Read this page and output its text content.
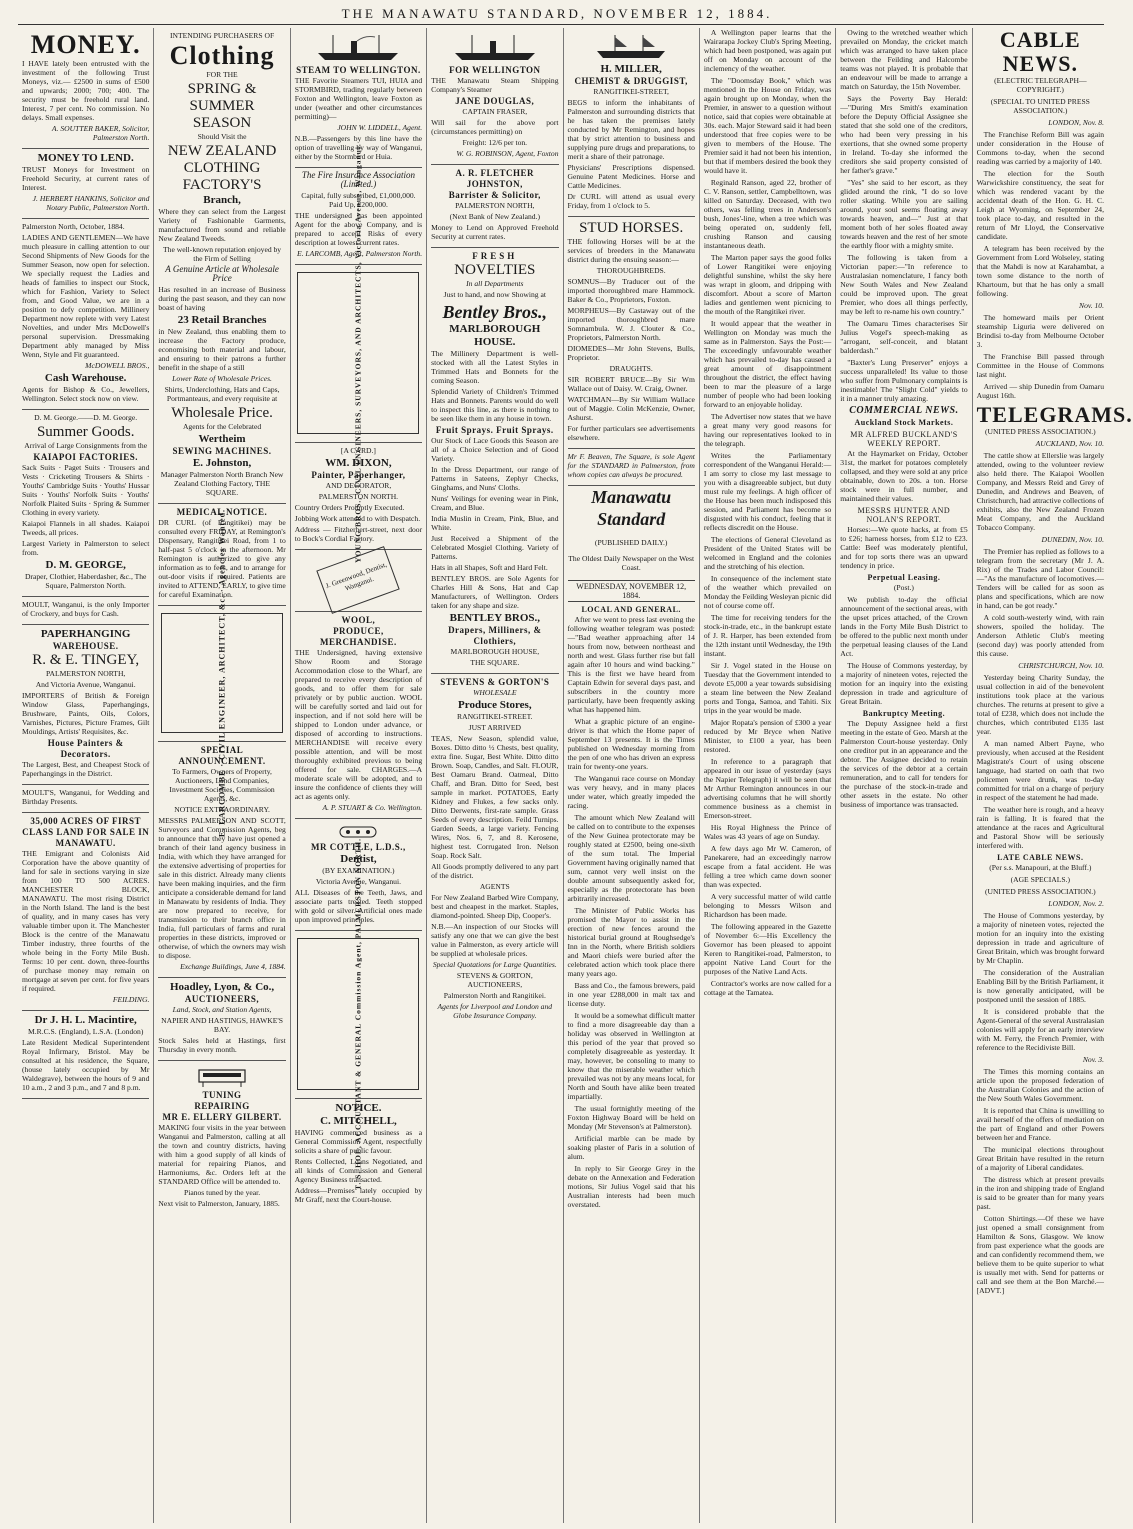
THE MANAWATU STANDARD, NOVEMBER 12, 1884.
MONEY.

I HAVE lately been entrusted with the investment of the following Trust Moneys, viz.— £2500 in sums of £500 and upwards; 2000; 700; 400. The security must be freehold rural land. Interest, 7 per cent. No commission. No delays. Small expenses.

A. SOUTTER BAKER, Solicitor, Palmerston North.

MONEY TO LEND.

TRUST Moneys for Investment on Freehold Security, at current rates of Interest.

J. HERBERT HANKINS, Solicitor and Notary Public, Palmerston North.

Palmerston North, October, 1884.

LADIES AND GENTLEMEN—We have much pleasure in calling attention to our Second Shipments of New Goods for the Summer Season, now open for selection. We specially request the Ladies and heads of families to inspect our Stock, which for Fashion, Variety to Select from, and Good Value, we are in a position to defy competition. Millinery Department now replete with very Latest Novelties, and under Mrs McDowell's personal supervision. Dressmaking Department ably managed by Miss Wenn, Style and Fit guaranteed.

McDOWELL BROS.,

Cash Warehouse.

Agents for Bishop & Co., Jewellers, Wellington. Select stock now on view.

D. M. George.——D. M. George.

Summer Goods.

Arrival of Large Consignments from the

KAIAPOI FACTORIES.

Sack Suits · Paget Suits · Trousers and Vests · Cricketing Trousers & Shirts · Youths' Cambridge Suits · Youths' Hussar Suits · Youths' Norfolk Suits · Youths' Norfolk Plaited Suits · Spring & Summer Clothing in every variety.

Kaiapoi Flannels in all shades. Kaiapoi Tweeds, all prices.

Largest Variety in Palmerston to select from.

D. M. GEORGE,

Draper, Clothier, Haberdasher, &c., The Square, Palmerston North.

MOULT, Wanganui, is the only Importer of Crockery, and buys for Cash.

PAPERHANGING
WAREHOUSE.
R. & E. TINGEY,

PALMERSTON NORTH,

And Victoria Avenue, Wanganui.

IMPORTERS of British & Foreign Window Glass, Paperhangings, Brushware, Paints, Oils, Colors, Varnishes, Pictures, Picture Frames, Gilt Mouldings, Artists' Requisites, &c.

House Painters & Decorators.

The Largest, Best, and Cheapest Stock of Paperhangings in the District.

MOULT'S, Wanganui, for Wedding and Birthday Presents.

35,000 ACRES OF FIRST CLASS LAND FOR SALE IN MANAWATU.

THE Emigrant and Colonists Aid Corporation have the above quantity of land for sale in sections varying in size from 100 TO 500 ACRES. MANCHESTER BLOCK, MANAWATU. The most rising District in the North Island. The land is the best of quality, and in many cases has very valuable timber upon it. The Manchester Block is the centre of the Manawatu Timber industry, three fourths of the whole being in the Forty Mile Bush. Terms: 10 per cent. down, three-fourths of purchase money may remain on mortgage at seven per cent. for five years if required.

FEILDING.

Dr J. H. L. Macintire,

M.R.C.S. (England), L.S.A. (London)

Late Resident Medical Superintendent Royal Infirmary, Bristol. May be consulted at his residence, the Square, (house lately occupied by Mr Waldegrave), between the hours of 9 and 10 a.m., 2 and 3 p.m., and 7 and 8 p.m.

INTENDING PURCHASERS OF

Clothing

FOR THE

SPRING & SUMMER
SEASON

Should Visit the

NEW ZEALAND
CLOTHING FACTORY'S
Branch,

Where they can select from the Largest Variety of Fashionable Garments, manufactured from sound and reliable New Zealand Tweeds.

The well-known reputation enjoyed by the Firm of Selling

A Genuine Article at Wholesale Price

Has resulted in an increase of Business during the past season, and they can now boast of having

23 Retail Branches

in New Zealand, thus enabling them to increase the Factory produce, economising both material and labour, and ensuring to their patrons a further benefit in the shape of a still

Lower Rate of Wholesale Prices.

Shirts, Underclothing, Hats and Caps, Portmanteaus, and every requisite at

Wholesale Price.

Agents for the Celebrated

Wertheim
SEWING MACHINES.
E. Johnston,

Manager Palmerston North Branch New Zealand Clothing Factory, THE SQUARE.

MEDICAL NOTICE.

DR CURL (of Rangitikei) may be consulted every FRIDAY, at Remington's Dispensary, Rangitikei Road, from 1 to half-past 5 o'clock in the afternoon. Mr Remington is authorized to give any information as to fees, and to arrange for out-door visits if required. Patients are invited to ATTEND, EARLY, to give time for careful Examination.

E. LARCOMBE · CIVIL ENGINEER, ARCHITECT, &c. · Agencies Wanted.
SPECIAL ANNOUNCEMENT.

To Farmers, Owners of Property, Auctioneers, Land Companies, Investment Societies, Commission Agents, &c.

NOTICE EXTRAORDINARY.

MESSRS PALMERSON AND SCOTT, Surveyors and Commission Agents, beg to announce that they have just opened a branch of their land agency business in India, with which they have arranged for the extensive advertising of properties for sale in this district. Already many clients have been making inquiries, and the firm anticipate a considerable demand for land in Manawatu by residents of India. They are now prepared to receive, for transmission to their branch office in India, full particulars of farms and rural properties in these districts, improved or otherwise, of which the owners may wish to dispose.

Exchange Buildings, June 4, 1884.

Hoadley, Lyon, & Co.,
AUCTIONEERS,

Land, Stock, and Station Agents,

NAPIER AND HASTINGS, HAWKE'S BAY.

Stock Sales held at Hastings, first Thursday in every month.

TUNING
REPAIRING
MR E. ELLERY GILBERT.

MAKING four visits in the year between Wanganui and Palmerston, calling at all the town and country districts, having with him a good supply of all kinds of material for repairing Pianos, and Harmoniums, &c. Orders left at the STANDARD Office will be attended to.

Pianos tuned by the year.

Next visit to Palmerston, January, 1885.

STEAM TO WELLINGTON.

THE Favorite Steamers TUI, HUIA and STORMBIRD, trading regularly between Foxton and Wellington, leave Foxton as under (weather and other circumstances permitting)—

JOHN W. LIDDELL, Agent.

N.B.—Passengers by this line have the option of travelling by way of Wanganui, either by the Stormbird or Huia.

The Fire Insurance Association (Limited.)

Capital, fully subscribed, £1,000,000. Paid Up, £200,000.

THE undersigned has been appointed Agent for the above Company, and is prepared to accept Risks of every description at lowest current rates.

E. LARCOMB, Agent, Palmerston North.

YOUNG BROS., CIVIL ENGINEERS, SURVEYORS, AND ARCHITECTS, Victoria Avenue, Wanganui.

[A CARD.]

WM. DIXON,
Painter, Paperhanger,

AND DECORATOR,

PALMERSTON NORTH.

Country Orders Promptly Executed.

Jobbing Work attended to with Despatch.

Address — Fitzherbert-street, next door to Bock's Cordial Factory.

J. Greenwood, Dentist, Wanganui.
WOOL,
PRODUCE,
MERCHANDISE.

THE Undersigned, having extensive Show Room and Storage Accommodation close to the Wharf, are prepared to receive every description of goods, and to offer them for sale privately or by public auction. WOOL will be carefully sorted and laid out for inspection, and if not sold here will be shipped to London under advance, or disposed of according to instructions. MERCHANDISE will receive every possible attention, and will be most thoroughly exhibited previous to being offered for sale. CHARGES.—A moderate scale will be adopted, and to insure the confidence of clients they will act as agents only.

A. P. STUART & Co. Wellington.

MR COTTLE, L.D.S.,
Dentist,

(BY EXAMINATION.)

Victoria Avenue, Wanganui.

ALL Diseases of the Teeth, Jaws, and associate parts treated. Teeth stopped with gold or silver. Artificial ones made upon improved principles.

T. S. HOE, ACCOUNTANT & GENERAL Commission Agent, PALMERSTON NORTH.
NOTICE.
C. MITCHELL,

HAVING commenced business as a General Commission Agent, respectfully solicits a share of public favour.

Rents Collected, Loans Negotiated, and all kinds of Commission and General Agency Business transacted.

Address—Premises lately occupied by Mr Graff, next the Court-house.

FOR WELLINGTON

THE Manawatu Steam Shipping Company's Steamer

JANE DOUGLAS,

CAPTAIN FRASER,

Will sail for the above port (circumstances permitting) on

Freight: 12/6 per ton.

W. G. ROBINSON, Agent, Foxton

A. R. FLETCHER JOHNSTON,
Barrister & Solicitor,

PALMERSTON NORTH,

(Next Bank of New Zealand.)

Money to Lend on Approved Freehold Security at current rates.

FRESH
NOVELTIES

In all Departments

Just to hand, and now Showing at

Bentley Bros.,
MARLBOROUGH HOUSE.

The Millinery Department is well-stocked with all the Latest Styles in Trimmed Hats and Bonnets for the coming Season.

Splendid Variety of Children's Trimmed Hats and Bonnets. Parents would do well to inspect this line, as there is nothing to be seen like them in any house in town.

Fruit Sprays. Fruit Sprays.

Our Stock of Lace Goods this Season are all of a Choice Selection and of Good Variety.

In the Dress Department, our range of Patterns in Sateens, Zephyr Checks, Ginghams, and Nuns' Cloths.

Nuns' Veilings for evening wear in Pink, Cream, and Blue.

India Muslin in Cream, Pink, Blue, and White.

Just Received a Shipment of the Celebrated Mosgiel Clothing. Variety of Patterns.

Hats in all Shapes, Soft and Hard Felt.

BENTLEY BROS. are Sole Agents for Charles Hill & Sons, Hat and Cap Manufacturers, of Wellington. Orders taken for any shape and size.

BENTLEY BROS.,
Drapers, Milliners, & Clothiers,

MARLBOROUGH HOUSE,

THE SQUARE.

STEVENS & GORTON'S

WHOLESALE

Produce Stores,

RANGITIKEI-STREET.

JUST ARRIVED

TEAS, New Season, splendid value, Boxes. Ditto ditto ½ Chests, best quality, extra fine. Sugar, Best White. Ditto ditto Brown. Soap, Candles, and Salt. FLOUR, Best Oamaru Brand. Oatmeal, Ditto Chaff, and Bran. Ditto for Seed, best sample in market. POTATOES, Early Kidney and Flukes, a few sacks only. Ditto Derwents, first-rate sample. Grass Seeds of every description. Feild Turnips. Garden Seeds, a large variety. Fencing Wires, Nos. 6, 7, and 8. Kerosene, highest test. Corrugated Iron. Nelson Soap. Rock Salt.

All Goods promptly delivered to any part of the district.

AGENTS

For New Zealand Barbed Wire Company, best and cheapest in the market. Staples, diamond-pointed. Sheep Dip, Cooper's.

N.B.—An inspection of our Stocks will satisfy any one that we can give the best value in Palmerston, as every article will be supplied at wholesale prices.

Special Quotations for Large Quantities.

STEVENS & GORTON, AUCTIONEERS,

Palmerston North and Rangitikei.

Agents for Liverpool and London and Globe Insurance Company.

H. MILLER,
CHEMIST & DRUGGIST,

RANGITIKEI-STREET,

BEGS to inform the inhabitants of Palmerston and surrounding districts that he has taken the premises lately conducted by Mr Remington, and hopes that by strict attention to business and supplying pure drugs and preparations, to merit a share of their patronage.

Physicians' Prescriptions dispensed. Genuine Patent Medicines. Horse and Cattle Medicines.

Dr CURL will attend as usual every Friday, from 1 o'clock to 5.

STUD HORSES.

THE following Horses will be at the services of breeders in the Manawatu district during the ensuing season:—

THOROUGHBREDS.

SOMNUS—By Traducer out of the imported thoroughbred mare Hammock. Baker & Co., Proprietors, Foxton.

MORPHEUS—By Castaway out of the imported thoroughbred mare Somnambula. W. J. Clouter & Co., Proprietors, Palmerston North.

DIOMEDES—Mr John Stevens, Bulls, Proprietor.

DRAUGHTS.

SIR ROBERT BRUCE—By Sir Wm Wallace out of Daisy. W. Craig, Owner.

WATCHMAN—By Sir William Wallace out of Maggie. Colin McKenzie, Owner, Ashurst.

For further particulars see advertisements elsewhere.

Mr F. Beaven, The Square, is sole Agent for the STANDARD in Palmerston, from whom copies can always be procured.

Manawatu Standard

(PUBLISHED DAILY.)

The Oldest Daily Newspaper on the West Coast.

WEDNESDAY, NOVEMBER 12, 1884.
LOCAL AND GENERAL.

After we went to press last evening the following weather telegram was posted:—"Bad weather approaching after 14 hours from now, between northeast and north and west. Glass further rise but fall again after 10 hours and wind backing." This is the first we have heard from Captain Edwin for several days past, and subscribers in the country more particularly, have been frequently asking what has happened him.

What a graphic picture of an engine-driver is that which the Home paper of September 13 presents. It is the Times published on Wednesday morning from the pen of one who has driven an express train for twenty-one years.

The Wanganui race course on Monday was very heavy, and in many places under water, which greatly impeded the racing.

The amount which New Zealand will be called on to contribute to the expenses of the New Guinea protectorate may be roughly stated at £2500, being one-sixth of the sum total. The Imperial Government having originally named that sum, cannot very well insist on the double amount subsequently asked for, especially as the protectorate has been arbitrarily increased.

The Minister of Public Works has promised the Mayor to assist in the erection of new fences around the historical burial ground at Roughsedge's Inn in the North, where British soldiers and Maori chiefs were buried after the celebrated action which took place there many years ago.

Bass and Co., the famous brewers, paid in one year £288,000 in malt tax and license duty.

It would be a somewhat difficult matter to find a more disagreeable day than a holiday was observed in Wellington at this period of the year that proved so completely disagreeable as yesterday. It may, however, be consoling to many to know that the miserable weather which prevailed was not by any means local, for North and South have alike been treated impartially.

The usual fortnightly meeting of the Foxton Highway Board will be held on Monday (Mr Stevenson's at Palmerston).

Artificial marble can be made by soaking plaster of Paris in a solution of alum.

In reply to Sir George Grey in the debate on the Annexation and Federation motions, Sir Julius Vogel said that his Australian interests had been much overstated.

A Wellington paper learns that the Wairarapa Jockey Club's Spring Meeting, which had been postponed, was again put off on Monday on account of the inclemency of the weather.

The "Doomsday Book," which was mentioned in the House on Friday, was again brought up on Monday, when the Premier, in answer to a question without notice, said that copies were obtainable at 30s. each. Major Steward said it had been understood that free copies were to be given to members of the House. The Premier said it had not been his intention, but that if members desired the book they would have it.

Reginald Ranson, aged 22, brother of C. V. Ranson, settler, Campbelltown, was killed on Saturday. Deceased, with two others, was felling trees in Anderson's bush, Jones'-line, when a tree which was being operated on, suddenly fell, crushing Ranson and causing instantaneous death.

The Marton paper says the good folks of Lower Rangitikei were enjoying delightful sunshine, whilst the sky here was wrapt in gloom, and dripping with discomfort. About a score of Marton ladies and gentlemen went picnicing to the mouth of the Rangitikei river.

It would appear that the weather in Wellington on Monday was much the same as in Palmerston. Says the Post:—The exceedingly unfavourable weather which has prevailed to-day has caused a great amount of disappointment throughout the district, the effect having been to mar the pleasure of a large number of people who had been looking forward to an enjoyable holiday.

The Advertiser now states that we have a great many very good reasons for having our representatives looked to in the telegraph.

Writes the Parliamentary correspondent of the Wanganui Herald:—I am sorry to close my last message to you with a disagreeable subject, but duty must rule my feelings. A high officer of the House has been much indisposed this session, and Parliament has become so disgusted with his conduct, feeling that it reflects discredit on the House.

The elections of General Cleveland as President of the United States will be welcomed in England and the colonies and the stretching of his election.

In consequence of the inclement state of the weather which prevailed on Monday the Feilding Wesleyan picnic did not of course come off.

The time for receiving tenders for the stock-in-trade, etc., in the bankrupt estate of J. R. Harper, has been extended from the 12th instant until Wednesday, the 19th instant.

Sir J. Vogel stated in the House on Tuesday that the Government intended to devote £5,000 a year towards subsidising a steam line between the New Zealand ports and Tonga, Samoa, and Tahiti. Six trips in the year would be made.

Major Ropata's pension of £300 a year reduced by Mr Bryce when Native Minister, to £100 a year, has been restored.

In reference to a paragraph that appeared in our issue of yesterday (says the Napier Telegraph) it will be seen that Mr Arthur Remington announces in our advertising columns that he will shortly commence business as a chemist in Emerson-street.

His Royal Highness the Prince of Wales was 43 years of age on Sunday.

A few days ago Mr W. Cameron, of Panekarere, had an exceedingly narrow escape from a fatal accident. He was felling a tree which came down sooner than was expected.

A very successful matter of wild cattle belonging to Messrs Wilson and Richardson has been made.

The following appeared in the Gazette of November 6:—His Excellency the Governor has been pleased to appoint Keren to Rangitikei-road, Palmerston, to appoint Native Land Court for the purposes of the Native Land Acts.

Contractor's works are now called for a cottage at the Tamatea.

Owing to the wretched weather which prevailed on Monday, the cricket match which was arranged to have taken place between the Feilding and Halcombe teams was not played. It is probable that an endeavour will be made to arrange a match on Saturday, the 15th November.

Says the Poverty Bay Herald:—"During Mrs Smith's examination before the Deputy Official Assignee she stated that she sold one of the creditors, who had been very pressing in his exertions, that she owned some property in Ireland. To-day she informed the creditors she said property consisted of her father's grave."

"Yes" she said to her escort, as they glided around the rink, "I do so love roller skating. While you are sailing around, your soul seems floating away towards heaven, and—" Just at that moment both of her soles floated away towards heaven and the rest of her smote the earthly floor with a mighty smite.

The following is taken from a Victorian paper:—"In reference to Australasian nomenclature, I fancy both New South Wales and New Zealand could be improved upon. The great Premier, who does all things perfectly, may be left to re-name his own country."

The Oamaru Times characterises Sir Julius Vogel's speech-making as "arrogant, self-conceit, and blatant balderdash."

"Baxter's Lung Preserver" enjoys a success unparalleled! Its value to those who suffer from Pulmonary complaints is inestimable! The "Slight Cold" yields to it in a manner truly amazing.

COMMERCIAL NEWS.
Auckland Stock Markets.
MR ALFRED BUCKLAND'S WEEKLY REPORT.

At the Haymarket on Friday, October 31st, the market for potatoes completely collapsed, and they were sold at any price obtainable, down to 20s. a ton. Horse stock were in full number, and maintained their values.

MESSRS HUNTER AND NOLAN'S REPORT.

Horses:—We quote hacks, at from £5 to £26; harness horses, from £12 to £23. Cattle: Beef was moderately plentiful, and for top sorts there was an upward tendency in price.

Perpetual Leasing.

(Post.)

We publish to-day the official announcement of the sectional areas, with the upset prices attached, of the Crown lands in the Forty Mile Bush District to be offered to the public next month under the perpetual leasing clauses of the Land Act.

The House of Commons yesterday, by a majority of nineteen votes, rejected the motion for an inquiry into the existing depression in trade and agriculture of Great Britain.

Bankruptcy Meeting.

The Deputy Assignee held a first meeting in the estate of Geo. Marsh at the Palmerston Court-house yesterday. Only one creditor put in an appearance and the debtor. The Assignee decided to retain the services of the debtor at a certain remuneration, and to call for tenders for the purchase of the stock-in-trade and other assets in the estate. No other business of importance was transacted.

CABLE NEWS.

(ELECTRIC TELEGRAPH—COPYRIGHT.)

(SPECIAL TO UNITED PRESS ASSOCIATION.)

LONDON, Nov. 8.

The Franchise Reform Bill was again under consideration in the House of Commons to-day, when the second reading was carried by a majority of 140.

The election for the South Warwickshire constituency, the seat for which was rendered vacant by the accidental death of the Hon. G. H. C. Leigh at Wyoming, on September 24, took place to-day, and resulted in the return of Mr Lloyd, the Conservative candidate.

A telegram has been received by the Government from Lord Wolseley, stating that the Mahdi is now at Karahambat, a town some distance to the north of Khartoum, but that he has only a small following.

Nov. 10.

The homeward mails per Orient steamship Liguria were delivered on Brindisi to-day from Melbourne October 3.

The Franchise Bill passed through Committee in the House of Commons last night.

Arrived — ship Dunedin from Oamaru August 16th.

TELEGRAMS.

(UNITED PRESS ASSOCIATION.)

AUCKLAND, Nov. 10.

The cattle show at Ellerslie was largely attended, owing to the volunteer review also held there. The Kaiapoi Woollen Company, and Messrs Reid and Grey of Dunedin, and Andrews and Beaven, of Christchurch, had attractive collections of exhibits, also the New Zealand Frozen Meat Company, and the Auckland Tobacco Company.

DUNEDIN, Nov. 10.

The Premier has replied as follows to a telegram from the secretary (Mr J. A. Rix) of the Trades and Labor Council:—"As the manufacture of locomotives.—Tenders will be called for as soon as plans and specifications, which are now in hand, can be got ready."

A cold south-westerly wind, with rain showers, spoiled the holiday. The Anderson Athletic Club's meeting (second day) was poorly attended from this cause.

CHRISTCHURCH, Nov. 10.

Yesterday being Charity Sunday, the usual collection in aid of the benevolent institutions took place at the various churches. The returns at present to give a total of £238, which does not include the churches, which contributed £135 last year.

A man named Albert Payne, who previously, when accused at the Resident Magistrate's Court of using obscene language, had started on oath that two policemen were drunk, was to-day committed for trial on a charge of perjury in respect of the statement he had made.

The weather here is rough, and a heavy rain is falling. It is feared that the attendance at the races and Agricultural and Pastoral Show will be seriously interfered with.

LATE CABLE NEWS.

(Per s.s. Manapouri, at the Bluff.)

(AGE SPECIALS.)

(UNITED PRESS ASSOCIATION.)

LONDON, Nov. 2.

The House of Commons yesterday, by a majority of nineteen votes, rejected the motion for an inquiry into the existing depression in trade and agriculture of Great Britain, which was brought forward by Mr Chaplin.

The consideration of the Australian Enabling Bill by the British Parliament, it is now generally anticipated, will be postponed until the session of 1885.

It is considered probable that the Agent-General of the several Australasian colonies will apply for an early interview with M. Ferry, the French Premier, with reference to the Recidiviste Bill.

Nov. 3.

The Times this morning contains an article upon the proposed federation of the Australian Colonies and the action of the New South Wales Government.

It is reported that China is unwilling to avail herself of the offers of mediation on the part of England and other Powers between her and France.

The municipal elections throughout Great Britain have resulted in the return of a majority of Liberal candidates.

The distress which at present prevails in the iron and shipping trade of England is said to be greater than for many years past.

Cotton Shirtings.—Of these we have just opened a small consignment from Hamilton & Sons, Glasgow. We know from past experience what the goods are and can confidently recommend them, we believe them to be quite superior to what is usually met with. Send for patterns or call and see them at the Bon Marché.—[ADVT.]
